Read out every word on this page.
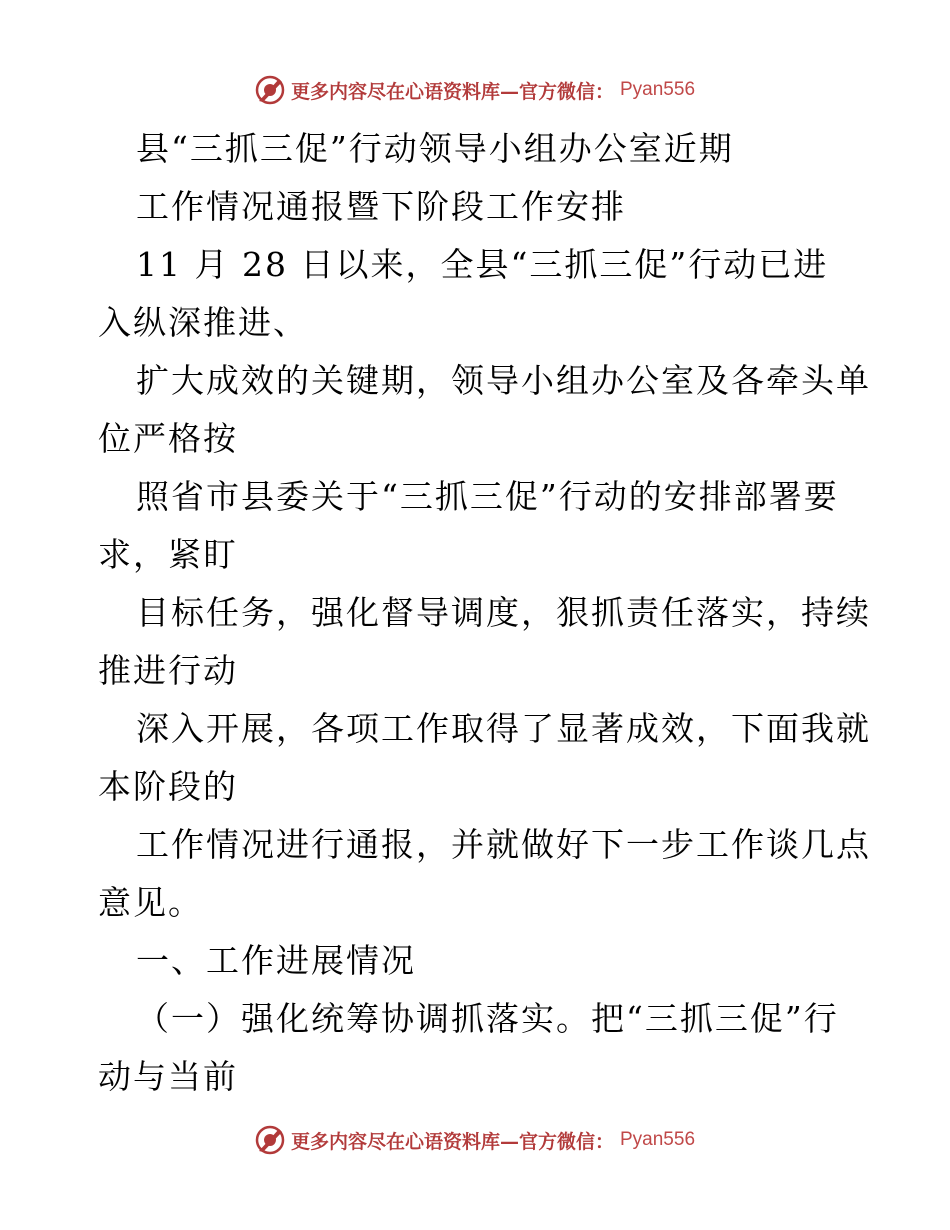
更多内容尽在心语资料库—官方微信： Pyan556
县“三抓三促”行动领导小组办公室近期
工作情况通报暨下阶段工作安排
11 月 28 日以来，全县“三抓三促”行动已进
入纵深推进、
扩大成效的关键期，领导小组办公室及各牵头单
位严格按
照省市县委关于“三抓三促”行动的安排部署要
求，紧盯
目标任务，强化督导调度，狠抓责任落实，持续
推进行动
深入开展，各项工作取得了显著成效，下面我就
本阶段的
工作情况进行通报，并就做好下一步工作谈几点
意见。
一、工作进展情况
（一）强化统筹协调抓落实。把“三抓三促”行
动与当前
更多内容尽在心语资料库—官方微信： Pyan556
